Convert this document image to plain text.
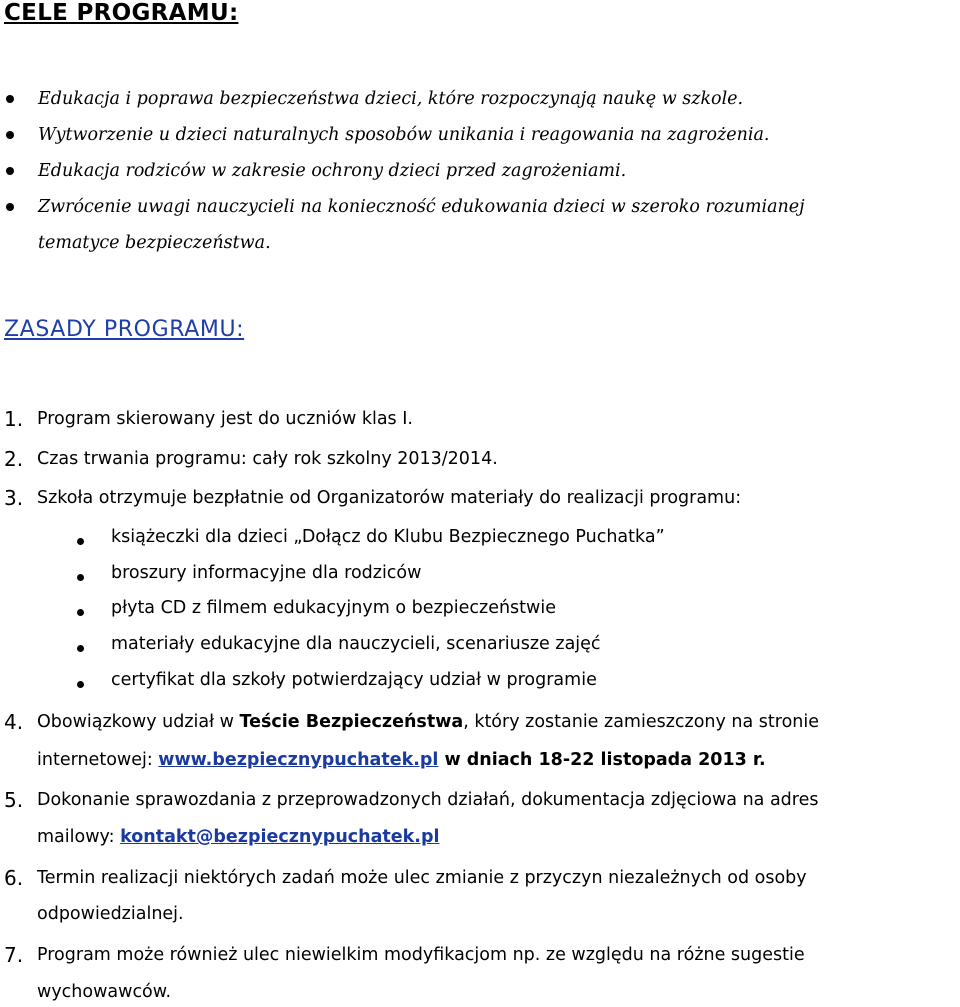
CELE PROGRAMU:
Edukacja i poprawa bezpieczeństwa dzieci, które rozpoczynają naukę w szkole.
Wytworzenie u dzieci naturalnych sposobów unikania i reagowania na zagrożenia.
Edukacja rodziców w zakresie ochrony dzieci przed zagrożeniami.
Zwrócenie uwagi nauczycieli na konieczność edukowania dzieci w szeroko rozumianej
tematyce bezpieczeństwa.
ZASADY PROGRAMU:
1. Program skierowany jest do uczniów klas I.
2. Czas trwania programu: cały rok szkolny 2013/2014.
3. Szkoła otrzymuje bezpłatnie od Organizatorów materiały do realizacji programu:
książeczki dla dzieci „Dołącz do Klubu Bezpiecznego Puchatka”
broszury informacyjne dla rodziców
płyta CD z filmem edukacyjnym o bezpieczeństwie
materiały edukacyjne dla nauczycieli, scenariusze zajęć
certyfikat dla szkoły potwierdzający udział w programie
4. Obowiązkowy udział w Teście Bezpieczeństwa, który zostanie zamieszczony na stronie
internetowej: www.bezpiecznypuchatek.pl w dniach 18-22 listopada 2013 r.
5. Dokonanie sprawozdania z przeprowadzonych działań, dokumentacja zdjęciowa na adres
mailowy: kontakt@bezpiecznypuchatek.pl
6. Termin realizacji niektórych zadań może ulec zmianie z przyczyn niezależnych od osoby
odpowiedzialnej.
7. Program może również ulec niewielkim modyfikacjom np. ze względu na różne sugestie
wychowawców.
